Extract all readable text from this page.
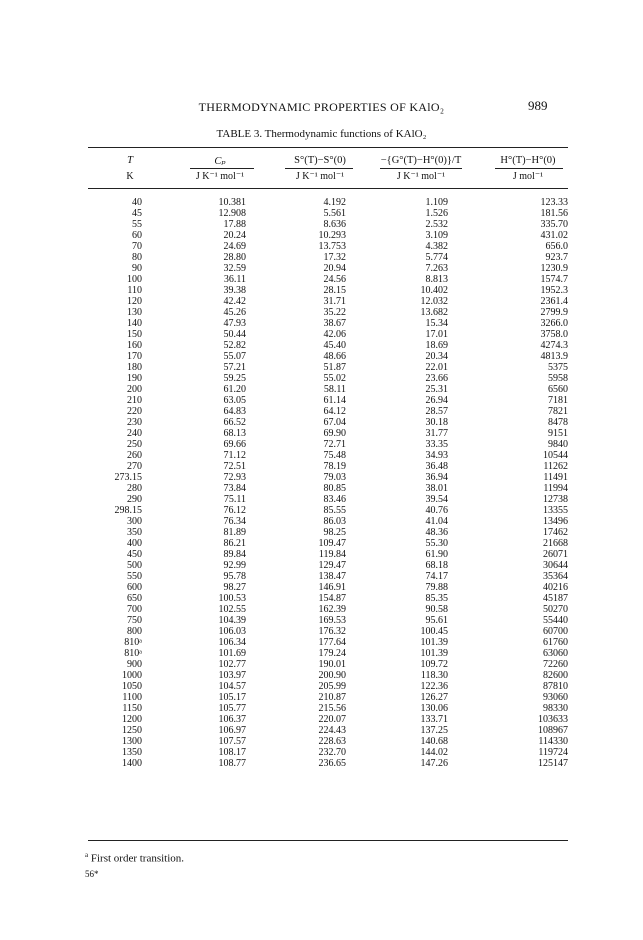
THERMODYNAMIC PROPERTIES OF KAlO₂	989
TABLE 3. Thermodynamic functions of KAlO₂
T	Cₚ	S°(T)−S°(0)	−{G°(T)−H°(0)}/T	H°(T)−H°(0)
K	J K⁻¹ mol⁻¹	J K⁻¹ mol⁻¹	J K⁻¹ mol⁻¹	J mol⁻¹
40	10.381	4.192	1.109	123.33
45	12.908	5.561	1.526	181.56
55	17.88	8.636	2.532	335.70
60	20.24	10.293	3.109	431.02
70	24.69	13.753	4.382	656.0
80	28.80	17.32	5.774	923.7
90	32.59	20.94	7.263	1230.9
100	36.11	24.56	8.813	1574.7
110	39.38	28.15	10.402	1952.3
120	42.42	31.71	12.032	2361.4
130	45.26	35.22	13.682	2799.9
140	47.93	38.67	15.34	3266.0
150	50.44	42.06	17.01	3758.0
160	52.82	45.40	18.69	4274.3
170	55.07	48.66	20.34	4813.9
180	57.21	51.87	22.01	5375
190	59.25	55.02	23.66	5958
200	61.20	58.11	25.31	6560
210	63.05	61.14	26.94	7181
220	64.83	64.12	28.57	7821
230	66.52	67.04	30.18	8478
240	68.13	69.90	31.77	9151
250	69.66	72.71	33.35	9840
260	71.12	75.48	34.93	10544
270	72.51	78.19	36.48	11262
273.15	72.93	79.03	36.94	11491
280	73.84	80.85	38.01	11994
290	75.11	83.46	39.54	12738
298.15	76.12	85.55	40.76	13355
300	76.34	86.03	41.04	13496
350	81.89	98.25	48.36	17462
400	86.21	109.47	55.30	21668
450	89.84	119.84	61.90	26071
500	92.99	129.47	68.18	30644
550	95.78	138.47	74.17	35364
600	98.27	146.91	79.88	40216
650	100.53	154.87	85.35	45187
700	102.55	162.39	90.58	50270
750	104.39	169.53	95.61	55440
800	106.03	176.32	100.45	60700
810ᵃ	106.34	177.64	101.39	61760
810ᵃ	101.69	179.24	101.39	63060
900	102.77	190.01	109.72	72260
1000	103.97	200.90	118.30	82600
1050	104.57	205.99	122.36	87810
1100	105.17	210.87	126.27	93060
1150	105.77	215.56	130.06	98330
1200	106.37	220.07	133.71	103633
1250	106.97	224.43	137.25	108967
1300	107.57	228.63	140.68	114330
1350	108.17	232.70	144.02	119724
1400	108.77	236.65	147.26	125147
$^a$ First order transition.
56*
